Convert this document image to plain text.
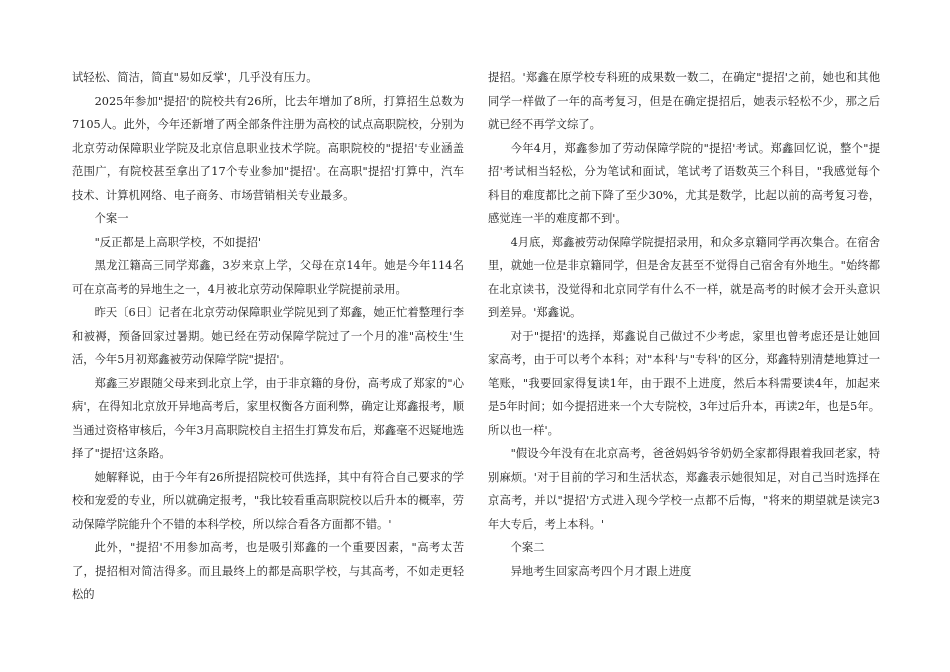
试轻松、简洁，简直"易如反掌'，几乎没有压力。

2025年参加"提招'的院校共有26所，比去年增加了8所，打算招生总数为7105人。此外，今年还新增了两全部条件注册为高校的试点高职院校，分别为北京劳动保障职业学院及北京信息职业技术学院。高职院校的"提招'专业涵盖范围广，有院校甚至拿出了17个专业参加"提招'。在高职"提招'打算中，汽车技术、计算机网络、电子商务、市场营销相关专业最多。

个案一

"反正都是上高职学校，不如提招'

黑龙江籍高三同学郑鑫，3岁来京上学，父母在京14年。她是今年114名可在京高考的异地生之一，4月被北京劳动保障职业学院提前录用。

昨天〔6日〕记者在北京劳动保障职业学院见到了郑鑫，她正忙着整理行李和被褥，预备回家过暑期。她已经在劳动保障学院过了一个月的准"高校生'生活，今年5月初郑鑫被劳动保障学院"提招'。

郑鑫三岁跟随父母来到北京上学，由于非京籍的身份，高考成了郑家的"心病'，在得知北京放开异地高考后，家里权衡各方面利弊，确定让郑鑫报考，顺当通过资格审核后，今年3月高职院校自主招生打算发布后，郑鑫毫不迟疑地选择了"提招'这条路。

她解释说，由于今年有26所提招院校可供选择，其中有符合自己要求的学校和宠爱的专业，所以就确定报考，"我比较看重高职院校以后升本的概率，劳动保障学院能升个不错的本科学校，所以综合看各方面都不错。'

此外，"提招'不用参加高考，也是吸引郑鑫的一个重要因素，"高考太苦了，提招相对简洁得多。而且最终上的都是高职学校，与其高考，不如走更轻松的

提招。'郑鑫在原学校专科班的成果数一数二，在确定"提招'之前，她也和其他同学一样做了一年的高考复习，但是在确定提招后，她表示轻松不少，那之后就已经不再学文综了。

今年4月，郑鑫参加了劳动保障学院的"提招'考试。郑鑫回忆说，整个"提招'考试相当轻松，分为笔试和面试，笔试考了语数英三个科目，"我感觉每个科目的难度都比之前下降了至少30%，尤其是数学，比起以前的高考复习卷，感觉连一半的难度都不到'。

4月底，郑鑫被劳动保障学院提招录用，和众多京籍同学再次集合。在宿舍里，就她一位是非京籍同学，但是舍友甚至不觉得自己宿舍有外地生。"始终都在北京读书，没觉得和北京同学有什么不一样，就是高考的时候才会开头意识到差异。'郑鑫说。

对于"提招'的选择，郑鑫说自己做过不少考虑，家里也曾考虑还是让她回家高考，由于可以考个本科；对"本科'与"专科'的区分，郑鑫特别清楚地算过一笔账，"我要回家得复读1年，由于跟不上进度，然后本科需要读4年，加起来是5年时间；如今提招进来一个大专院校，3年过后升本，再读2年，也是5年。所以也一样'。

"假设今年没有在北京高考，爸爸妈妈爷爷奶奶全家都得跟着我回老家，特别麻烦。'对于目前的学习和生活状态，郑鑫表示她很知足，对自己当时选择在京高考，并以"提招'方式进入现今学校一点都不后悔，"将来的期望就是读完3年大专后，考上本科。'

个案二

异地考生回家高考四个月才跟上进度
